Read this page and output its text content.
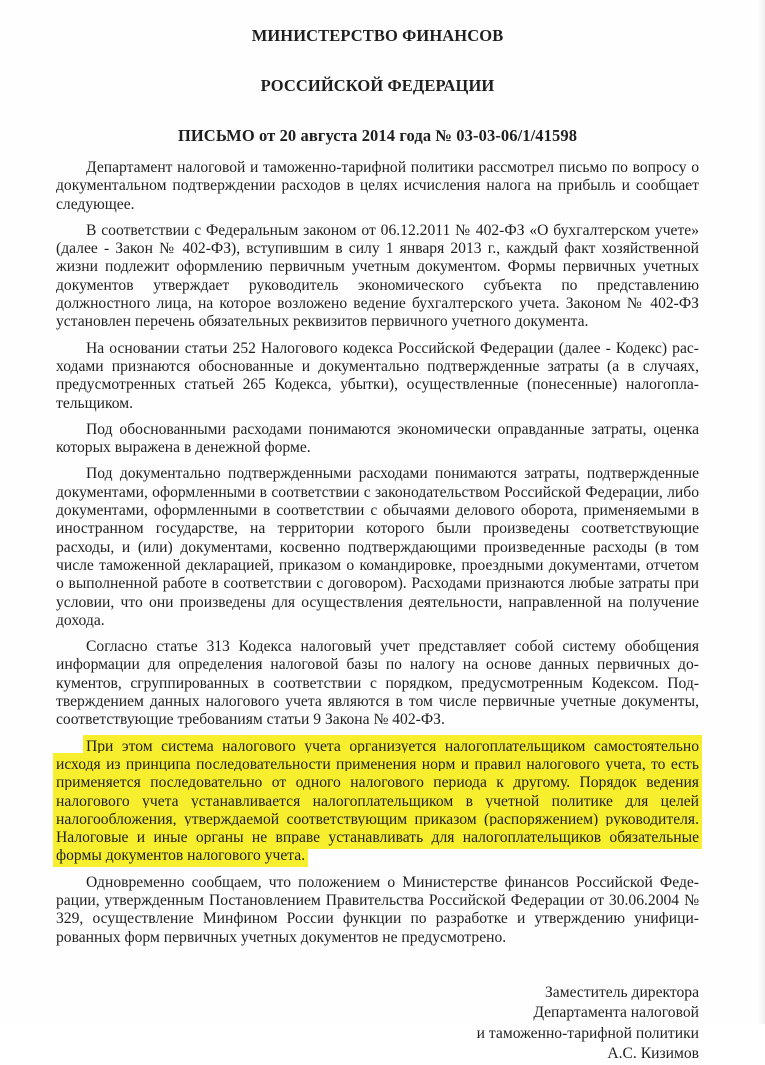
МИНИСТЕРСТВО ФИНАНСОВ

РОССИЙСКОЙ ФЕДЕРАЦИИ

ПИСЬМО от 20 августа 2014 года № 03-03-06/1/41598

Департамент налоговой и таможенно-тарифной политики рассмотрел письмо по вопросу о документальном подтверждении расходов в целях исчисления налога на прибыль и сообщает следующее.

В соответствии с Федеральным законом от 06.12.2011 № 402-ФЗ «О бухгалтерском учете» (далее - Закон № 402-ФЗ), вступившим в силу 1 января 2013 г., каждый факт хозяйственной жизни подлежит оформлению первичным учетным документом. Формы первичных учетных документов утверждает руководитель экономического субъекта по представлению должностного лица, на которое возложено ведение бухгалтерского учета. Законом № 402-ФЗ установлен перечень обязательных реквизитов первичного учетного документа.

На основании статьи 252 Налогового кодекса Российской Федерации (далее - Кодекс) расходами признаются обоснованные и документально подтвержденные затраты (а в случаях, предусмотренных статьей 265 Кодекса, убытки), осуществленные (понесенные) налогоплательщиком.

Под обоснованными расходами понимаются экономически оправданные затраты, оценка которых выражена в денежной форме.

Под документально подтвержденными расходами понимаются затраты, подтвержденные документами, оформленными в соответствии с законодательством Российской Федерации, либо документами, оформленными в соответствии с обычаями делового оборота, применяемыми в иностранном государстве, на территории которого были произведены соответствующие расходы, и (или) документами, косвенно подтверждающими произведенные расходы (в том числе таможенной декларацией, приказом о командировке, проездными документами, отчетом о выполненной работе в соответствии с договором). Расходами признаются любые затраты при условии, что они произведены для осуществления деятельности, направленной на получение дохода.

Согласно статье 313 Кодекса налоговый учет представляет собой систему обобщения информации для определения налоговой базы по налогу на основе данных первичных документов, сгруппированных в соответствии с порядком, предусмотренным Кодексом. Подтверждением данных налогового учета являются в том числе первичные учетные документы, соответствующие требованиям статьи 9 Закона № 402-ФЗ.

При этом система налогового учета организуется налогоплательщиком самостоятельно исходя из принципа последовательности применения норм и правил налогового учета, то есть применяется последовательно от одного налогового периода к другому. Порядок ведения налогового учета устанавливается налогоплательщиком в учетной политике для целей налогообложения, утверждаемой соответствующим приказом (распоряжением) руководителя. Налоговые и иные органы не вправе устанавливать для налогоплательщиков обязательные формы документов налогового учета.

Одновременно сообщаем, что положением о Министерстве финансов Российской Федерации, утвержденным Постановлением Правительства Российской Федерации от 30.06.2004 № 329, осуществление Минфином России функции по разработке и утверждению унифицированных форм первичных учетных документов не предусмотрено.

Заместитель директора
Департамента налоговой
и таможенно-тарифной политики
А.С. Кизимов
